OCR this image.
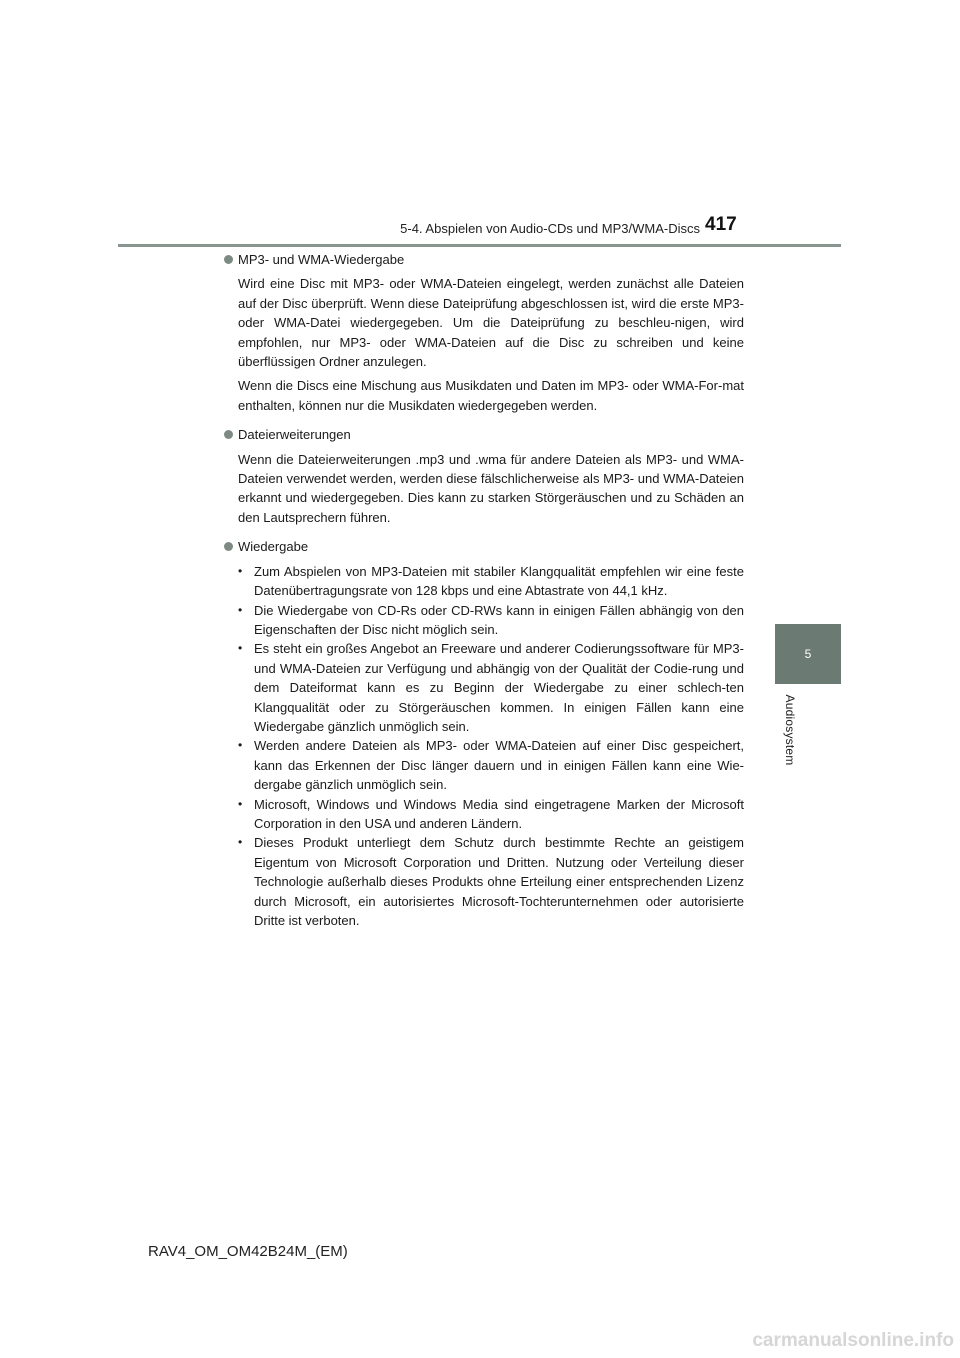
5-4. Abspielen von Audio-CDs und MP3/WMA-Discs 417
5
Audiosystem
MP3- und WMA-Wiedergabe

Wird eine Disc mit MP3- oder WMA-Dateien eingelegt, werden zunächst alle Dateien auf der Disc überprüft. Wenn diese Dateiprüfung abgeschlossen ist, wird die erste MP3- oder WMA-Datei wiedergegeben. Um die Dateiprüfung zu beschleu-nigen, wird empfohlen, nur MP3- oder WMA-Dateien auf die Disc zu schreiben und keine überflüssigen Ordner anzulegen.

Wenn die Discs eine Mischung aus Musikdaten und Daten im MP3- oder WMA-For-mat enthalten, können nur die Musikdaten wiedergegeben werden.

Dateierweiterungen

Wenn die Dateierweiterungen .mp3 und .wma für andere Dateien als MP3- und WMA-Dateien verwendet werden, werden diese fälschlicherweise als MP3- und WMA-Dateien erkannt und wiedergegeben. Dies kann zu starken Störgeräuschen und zu Schäden an den Lautsprechern führen.

Wiedergabe
• Zum Abspielen von MP3-Dateien mit stabiler Klangqualität empfehlen wir eine feste Datenübertragungsrate von 128 kbps und eine Abtastrate von 44,1 kHz.
• Die Wiedergabe von CD-Rs oder CD-RWs kann in einigen Fällen abhängig von den Eigenschaften der Disc nicht möglich sein.
• Es steht ein großes Angebot an Freeware und anderer Codierungssoftware für MP3- und WMA-Dateien zur Verfügung und abhängig von der Qualität der Codie-rung und dem Dateiformat kann es zu Beginn der Wiedergabe zu einer schlech-ten Klangqualität oder zu Störgeräuschen kommen. In einigen Fällen kann eine Wiedergabe gänzlich unmöglich sein.
• Werden andere Dateien als MP3- oder WMA-Dateien auf einer Disc gespeichert, kann das Erkennen der Disc länger dauern und in einigen Fällen kann eine Wie-dergabe gänzlich unmöglich sein.
• Microsoft, Windows und Windows Media sind eingetragene Marken der Microsoft Corporation in den USA und anderen Ländern.
• Dieses Produkt unterliegt dem Schutz durch bestimmte Rechte an geistigem Eigentum von Microsoft Corporation und Dritten. Nutzung oder Verteilung dieser Technologie außerhalb dieses Produkts ohne Erteilung einer entsprechenden Lizenz durch Microsoft, ein autorisiertes Microsoft-Tochterunternehmen oder autorisierte Dritte ist verboten.
RAV4_OM_OM42B24M_(EM)
carmanualsonline.info
